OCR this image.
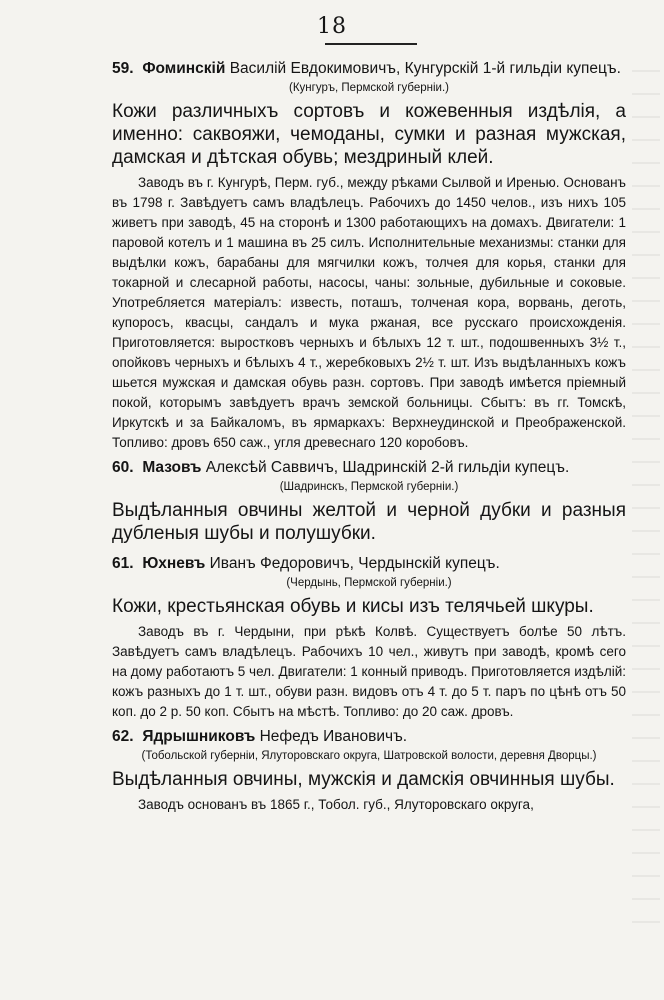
18

59. Фоминскій Василій Евдокимовичъ, Кунгурскій 1-й гильдіи купецъ.

(Кунгуръ, Пермской губерніи.)

Кожи различныхъ сортовъ и кожевенныя издѣлія, а именно: саквояжи, чемоданы, сумки и разная мужская, дамская и дѣтская обувь; мездриный клей.

Заводъ въ г. Кунгурѣ, Перм. губ., между рѣками Сылвой и Иренью. Основанъ въ 1798 г. Завѣдуетъ самъ владѣлецъ. Рабочихъ до 1450 челов., изъ нихъ 105 живетъ при заводѣ, 45 на сторонѣ и 1300 работающихъ на домахъ. Двигатели: 1 паровой котелъ и 1 машина въ 25 силъ. Исполнительные механизмы: станки для выдѣлки кожъ, барабаны для мягчилки кожъ, толчея для корья, станки для токарной и слесарной работы, насосы, чаны: зольные, дубильные и соковые. Употребляется матеріалъ: известь, поташъ, толченая кора, ворвань, деготь, купоросъ, квасцы, сандалъ и мука ржаная, все русскаго происхожденія. Приготовляется: выростковъ черныхъ и бѣлыхъ 12 т. шт., подошвенныхъ 3½ т., опойковъ черныхъ и бѣлыхъ 4 т., жеребковыхъ 2½ т. шт. Изъ выдѣланныхъ кожъ шьется мужская и дамская обувь разн. сортовъ. При заводѣ имѣется пріемный покой, которымъ завѣдуетъ врачъ земской больницы. Сбытъ: въ гг. Томскѣ, Иркутскѣ и за Байкаломъ, въ ярмаркахъ: Верхнеудинской и Преображенской. Топливо: дровъ 650 саж., угля древеснаго 120 коробовъ.

60. Мазовъ Алексѣй Саввичъ, Шадринскій 2-й гильдіи купецъ.

(Шадринскъ, Пермской губерніи.)

Выдѣланныя овчины желтой и черной дубки и разныя дубленыя шубы и полушубки.

61. Юхневъ Иванъ Федоровичъ, Чердынскій купецъ.

(Чердынь, Пермской губерніи.)

Кожи, крестьянская обувь и кисы изъ телячьей шкуры.

Заводъ въ г. Чердыни, при рѣкѣ Колвѣ. Существуетъ болѣе 50 лѣтъ. Завѣдуетъ самъ владѣлецъ. Рабочихъ 10 чел., живутъ при заводѣ, кромѣ сего на дому работаютъ 5 чел. Двигатели: 1 конный приводъ. Приготовляется издѣлій: кожъ разныхъ до 1 т. шт., обуви разн. видовъ отъ 4 т. до 5 т. паръ по цѣнѣ отъ 50 коп. до 2 р. 50 коп. Сбытъ на мѣстѣ. Топливо: до 20 саж. дровъ.

62. Ядрышниковъ Нефедъ Ивановичъ.

(Тобольской губерніи, Ялуторовскаго округа, Шатровской волости, деревня Дворцы.)

Выдѣланныя овчины, мужскія и дамскія овчинныя шубы.

Заводъ основанъ въ 1865 г., Тобол. губ., Ялуторовскаго округа,
